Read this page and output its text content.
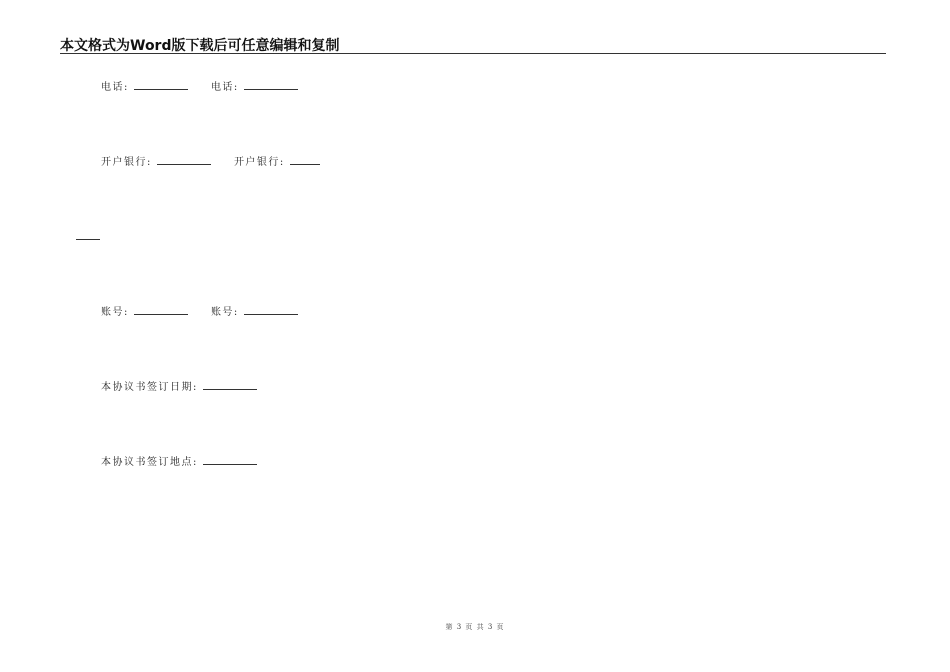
本文格式为Word版下载后可任意编辑和复制
电话:	电话:
开户银行:	开户银行:
账号:	账号:
本协议书签订日期:
本协议书签订地点:
第 3 页 共 3 页
